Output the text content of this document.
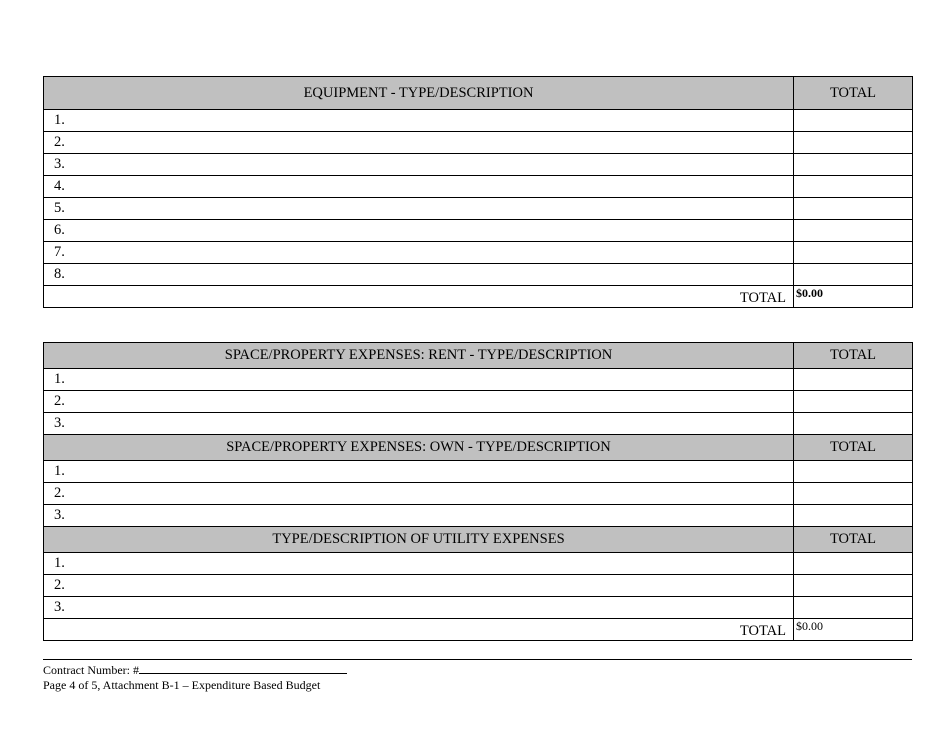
EQUIPMENT - TYPE/DESCRIPTION	TOTAL
1.	
2.	
3.	
4.	
5.	
6.	
7.	
8.	
TOTAL	$0.00
SPACE/PROPERTY EXPENSES: RENT - TYPE/DESCRIPTION	TOTAL
1.	
2.	
3.	
SPACE/PROPERTY EXPENSES: OWN - TYPE/DESCRIPTION	TOTAL
1.	
2.	
3.	
TYPE/DESCRIPTION OF UTILITY EXPENSES	TOTAL
1.	
2.	
3.	
TOTAL	$0.00
Contract Number: #
Page 4 of 5, Attachment B-1 – Expenditure Based Budget
